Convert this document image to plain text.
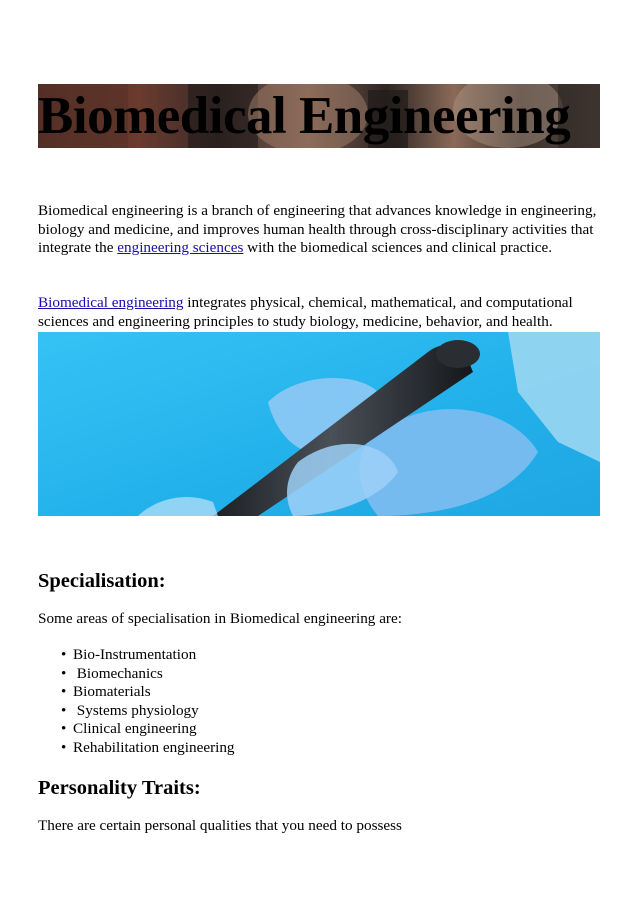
Biomedical Engineering

Biomedical engineering is a branch of engineering that advances knowledge in engineering, biology and medicine, and improves human health through cross-disciplinary activities that integrate the engineering sciences with the biomedical sciences and clinical practice.

Biomedical engineering integrates physical, chemical, mathematical, and computational sciences and engineering principles to study biology, medicine, behavior, and health.

Specialisation:

Some areas of specialisation in Biomedical engineering are:

• Bio-Instrumentation
• Biomechanics
• Biomaterials
• Systems physiology
• Clinical engineering
• Rehabilitation engineering
Personality Traits:

There are certain personal qualities that you need to possess
